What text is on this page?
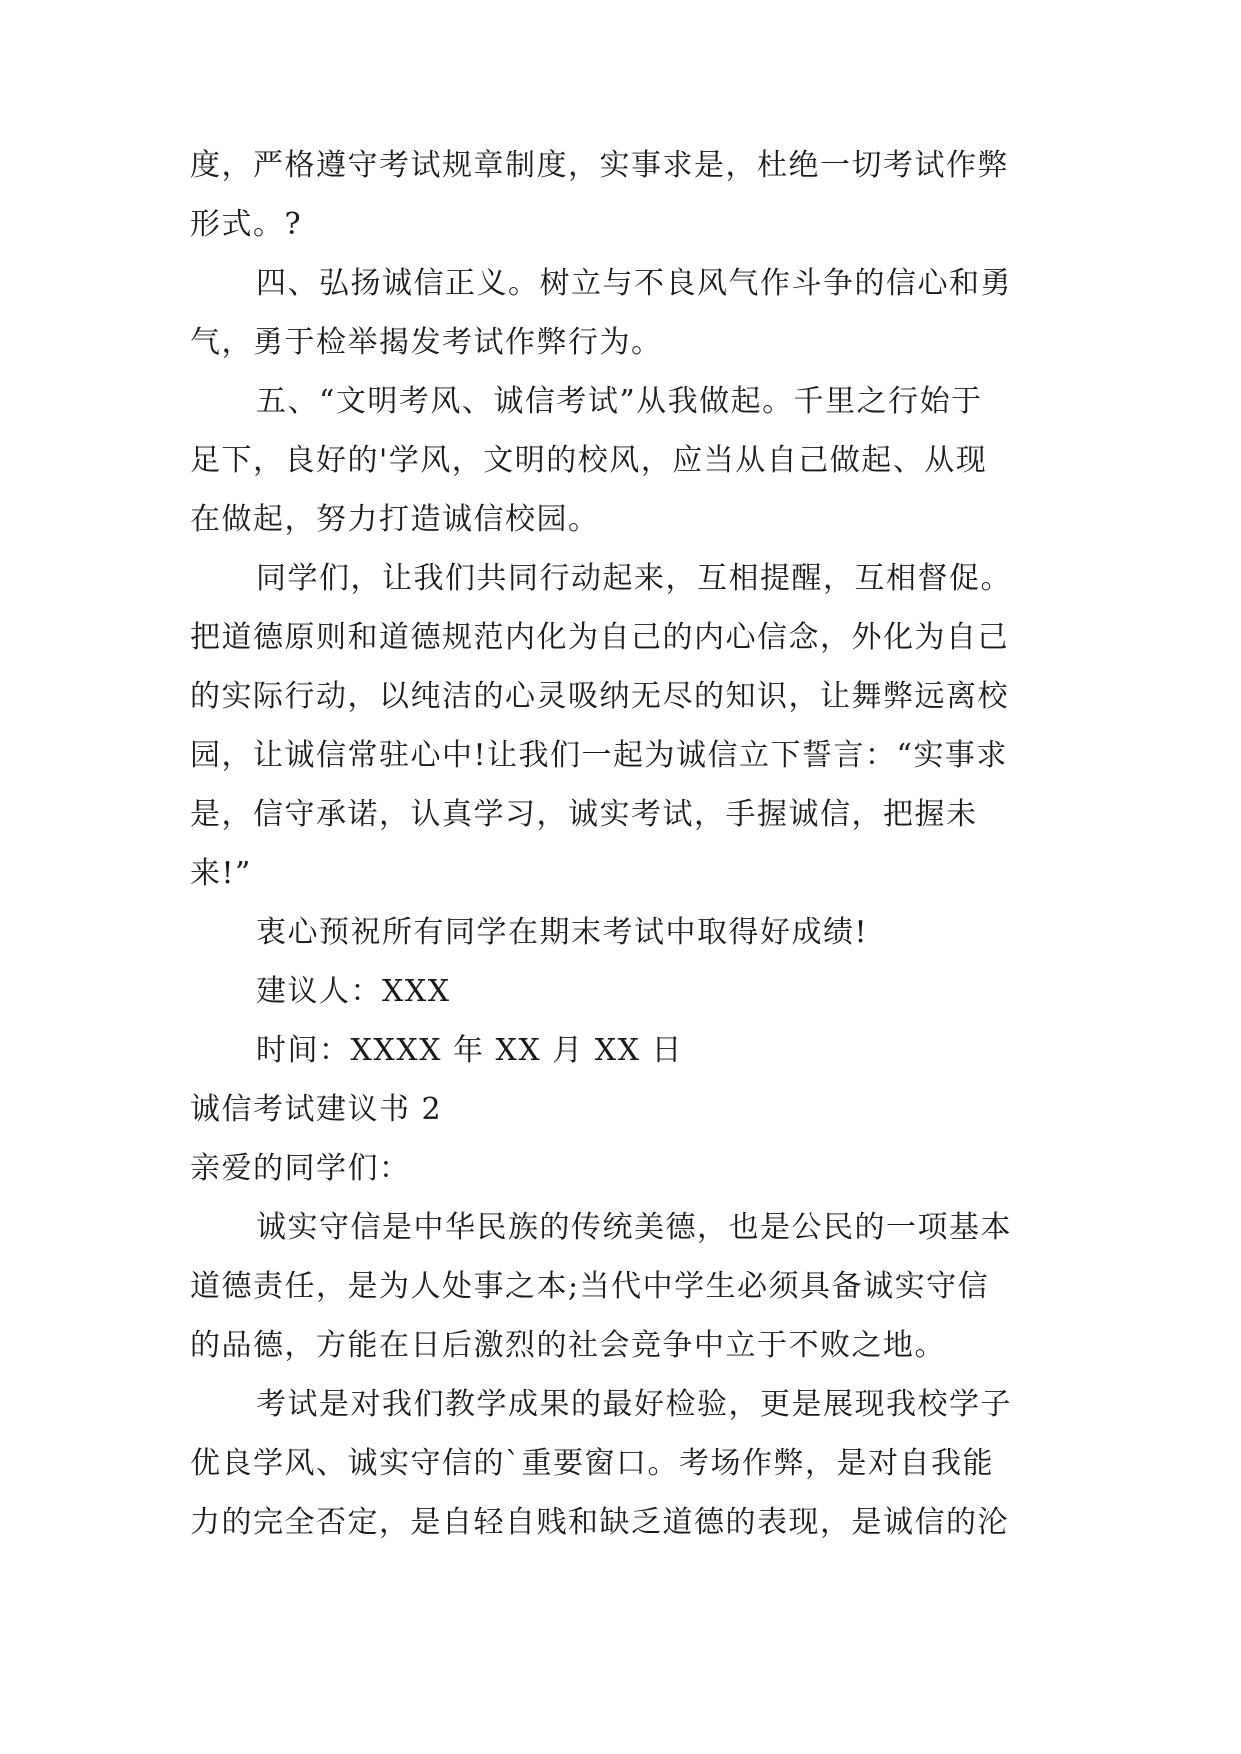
度，严格遵守考试规章制度，实事求是，杜绝一切考试作弊
形式。?
四、弘扬诚信正义。树立与不良风气作斗争的信心和勇
气，勇于检举揭发考试作弊行为。
五、“文明考风、诚信考试”从我做起。千里之行始于
足下，良好的'学风，文明的校风，应当从自己做起、从现
在做起，努力打造诚信校园。
同学们，让我们共同行动起来，互相提醒，互相督促。
把道德原则和道德规范内化为自己的内心信念，外化为自己
的实际行动，以纯洁的心灵吸纳无尽的知识，让舞弊远离校
园，让诚信常驻心中!让我们一起为诚信立下誓言：“实事求
是，信守承诺，认真学习，诚实考试，手握诚信，把握未
来!”
衷心预祝所有同学在期末考试中取得好成绩!
建议人：XXX
时间：XXXX 年 XX 月 XX 日
诚信考试建议书 2
亲爱的同学们：
诚实守信是中华民族的传统美德，也是公民的一项基本
道德责任，是为人处事之本;当代中学生必须具备诚实守信
的品德，方能在日后激烈的社会竞争中立于不败之地。
考试是对我们教学成果的最好检验，更是展现我校学子
优良学风、诚实守信的`重要窗口。考场作弊，是对自我能
力的完全否定，是自轻自贱和缺乏道德的表现，是诚信的沦
